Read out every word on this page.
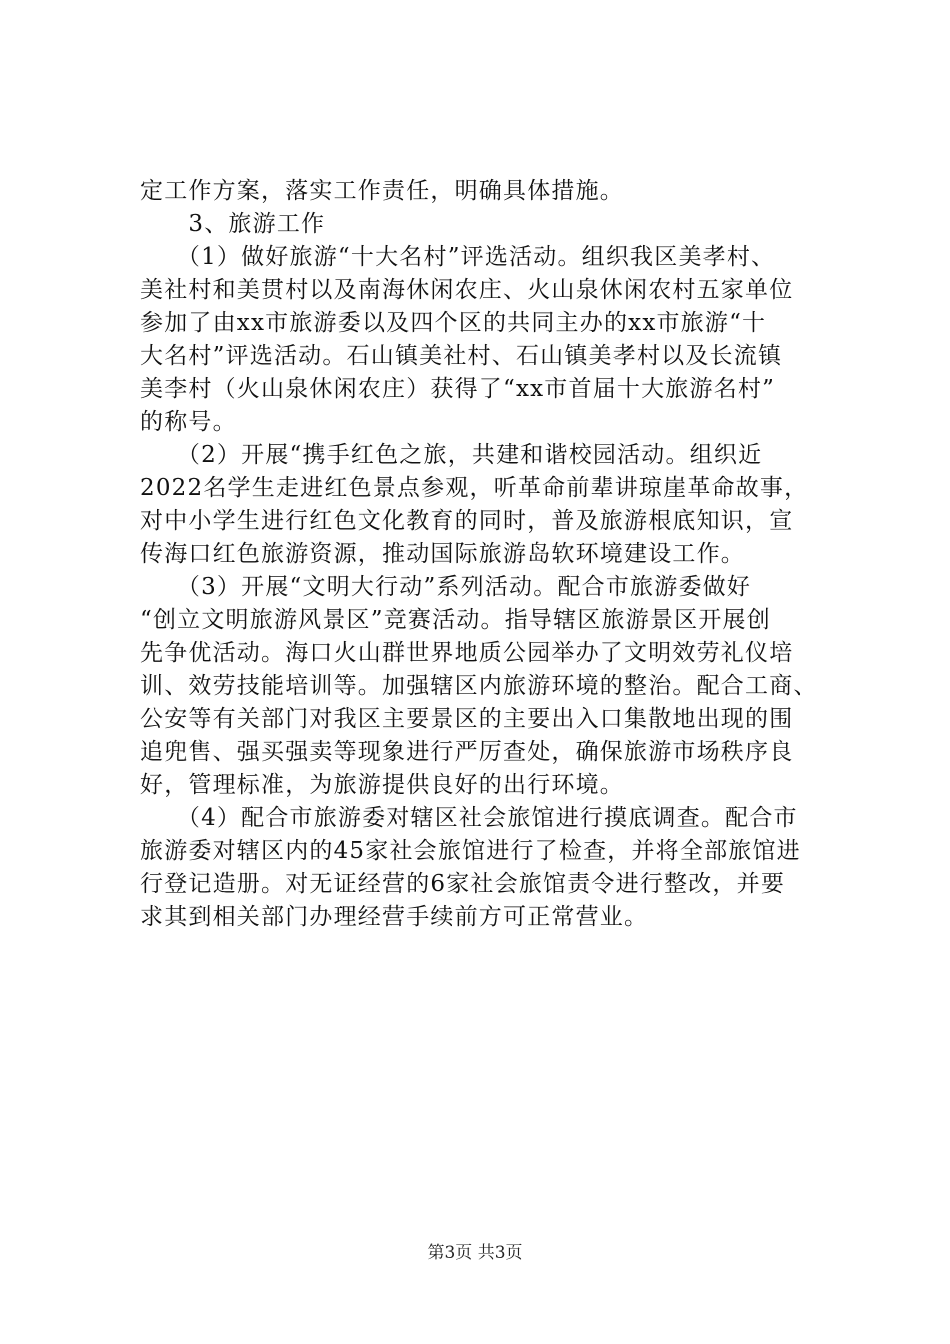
定工作方案，落实工作责任，明确具体措施。
　　3、旅游工作
　　（1）做好旅游“十大名村”评选活动。组织我区美孝村、
美社村和美贯村以及南海休闲农庄、火山泉休闲农村五家单位
参加了由xx市旅游委以及四个区的共同主办的xx市旅游“十
大名村”评选活动。石山镇美社村、石山镇美孝村以及长流镇
美李村（火山泉休闲农庄）获得了“xx市首届十大旅游名村”
的称号。
　　（2）开展“携手红色之旅，共建和谐校园活动。组织近
2022名学生走进红色景点参观，听革命前辈讲琼崖革命故事，
对中小学生进行红色文化教育的同时，普及旅游根底知识，宣
传海口红色旅游资源，推动国际旅游岛软环境建设工作。
　　（3）开展“文明大行动”系列活动。配合市旅游委做好
“创立文明旅游风景区”竞赛活动。指导辖区旅游景区开展创
先争优活动。海口火山群世界地质公园举办了文明效劳礼仪培
训、效劳技能培训等。加强辖区内旅游环境的整治。配合工商、
公安等有关部门对我区主要景区的主要出入口集散地出现的围
追兜售、强买强卖等现象进行严厉查处，确保旅游市场秩序良
好，管理标准，为旅游提供良好的出行环境。
　　（4）配合市旅游委对辖区社会旅馆进行摸底调查。配合市
旅游委对辖区内的45家社会旅馆进行了检查，并将全部旅馆进
行登记造册。对无证经营的6家社会旅馆责令进行整改，并要
求其到相关部门办理经营手续前方可正常营业。
第3页 共3页
